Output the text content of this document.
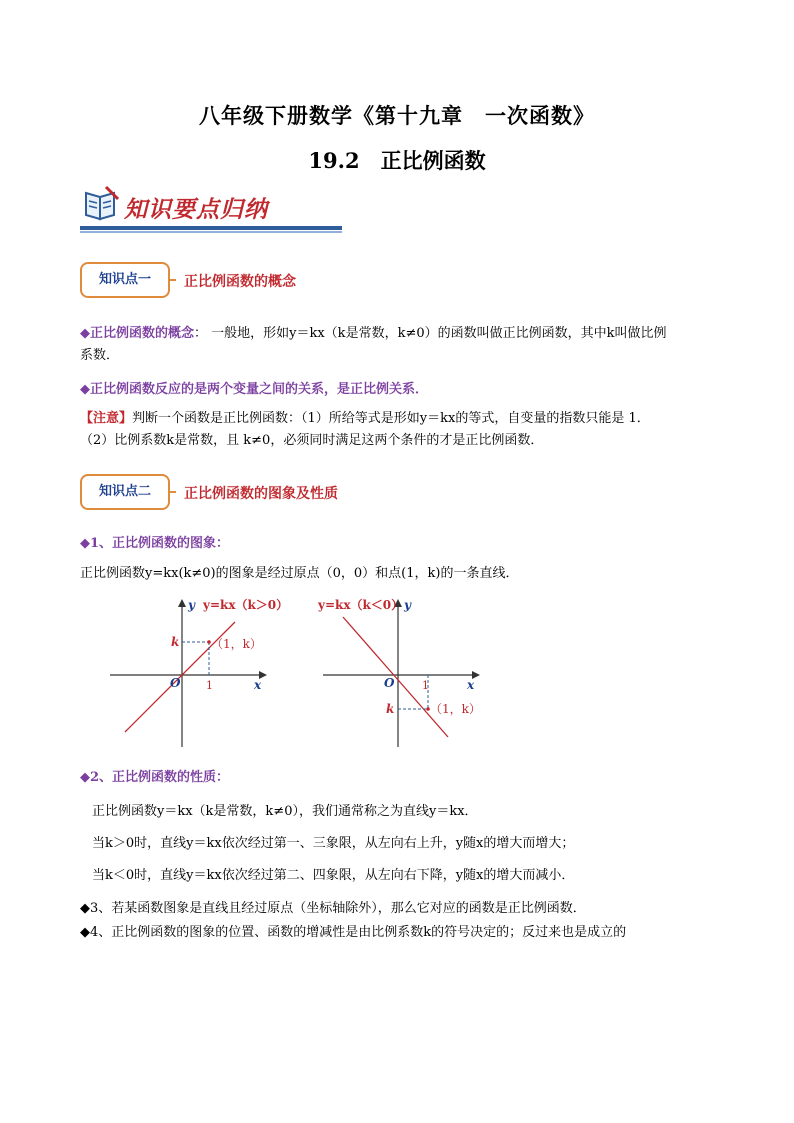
八年级下册数学《第十九章　一次函数》
19.2　正比例函数
知识要点归纳
知识点一	正比例函数的概念
◆正比例函数的概念： 一般地，形如y＝kx（k是常数，k≠0）的函数叫做正比例函数，其中k叫做比例
系数．
◆正比例函数反应的是两个变量之间的关系，是正比例关系．
【注意】判断一个函数是正比例函数：（1）所给等式是形如y＝kx的等式，自变量的指数只能是 1．
（2）比例系数k是常数，且 k≠0，必须同时满足这两个条件的才是正比例函数．
知识点二	正比例函数的图象及性质
◆1、正比例函数的图象：
正比例函数y=kx(k≠0)的图象是经过原点（0，0）和点(1，k)的一条直线．
y=kx（k＞0）
y
x
O
k
1
（1，k）
y=kx（k＜0） y
x
O
k
1
（1，k）
◆2、正比例函数的性质：
正比例函数y＝kx（k是常数，k≠0），我们通常称之为直线y＝kx．
当k＞0时，直线y＝kx依次经过第一、三象限，从左向右上升，y随x的增大而增大；
当k＜0时，直线y＝kx依次经过第二、四象限，从左向右下降，y随x的增大而减小．
◆3、若某函数图象是直线且经过原点（坐标轴除外），那么它对应的函数是正比例函数．
◆4、正比例函数的图象的位置、函数的增减性是由比例系数k的符号决定的；反过来也是成立的
